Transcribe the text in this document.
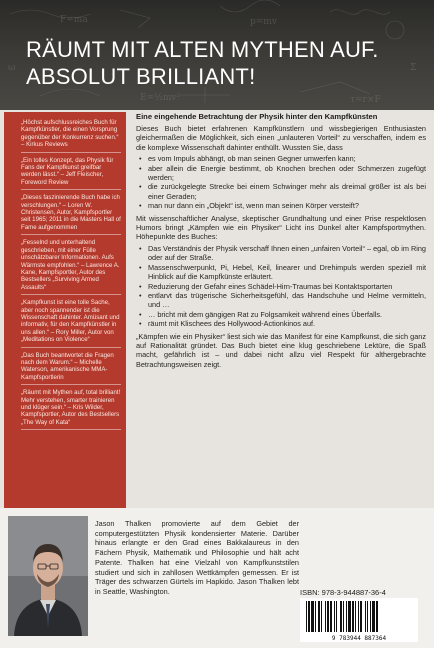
F=ma	p=mv
E=½mv²	τ=r×F
ω	Σ
RÄUMT MIT ALTEN MYTHEN AUF.
ABSOLUT BRILLIANT!
„Höchst aufschlussreiches Buch für Kampfkünstler, die einen Vorsprung gegenüber der Konkurrenz suchen.“ – Kirkus Reviews
„Ein tolles Konzept, das Physik für Fans der Kampfkunst greifbar werden lässt.“ – Jeff Fleischer, Foreword Review
„Dieses faszinierende Buch habe ich verschlungen.“ – Loren W. Christensen, Autor, Kampfsportler seit 1965; 2011 in die Masters Hall of Fame aufgenommen
„Fesselnd und unterhaltend geschrieben, mit einer Fülle unschätzbarer Informationen. Aufs Wärmste empfohlen.“ – Lawrence A. Kane, Kampfsportler, Autor des Bestsellers „Surviving Armed Assaults“
„Kampfkunst ist eine tolle Sache, aber noch spannender ist die Wissenschaft dahinter. Amüsant und informativ, für den Kampfkünstler in uns allen.“ – Rory Miller, Autor von „Meditations on Violence“
„Das Buch beantwortet die Fragen nach dem Warum.“ – Michelle Waterson, amerikanische MMA-Kampfsportlerin
„Räumt mit Mythen auf, total brilliant! Mehr verstehen, smarter trainieren und klüger sein.“ – Kris Wilder, Kampfsportler, Autor des Bestsellers „The Way of Kata“

Eine eingehende Betrachtung der Physik hinter den Kampfkünsten

Dieses Buch bietet erfahrenen Kampfkünstlern und wissbegierigen Enthusiasten gleichermaßen die Möglichkeit, sich einen „unlauteren Vorteil“ zu verschaffen, indem es die komplexe Wissenschaft dahinter enthüllt. Wussten Sie, dass

• es vom Impuls abhängt, ob man seinen Gegner umwerfen kann;
• aber allein die Energie bestimmt, ob Knochen brechen oder Schmerzen zugefügt werden;
• die zurückgelegte Strecke bei einem Schwinger mehr als dreimal größer ist als bei einer Geraden;
• man nur dann ein „Objekt“ ist, wenn man seinen Körper versteift?

Mit wissenschaftlicher Analyse, skeptischer Grundhaltung und einer Prise respektlosen Humors bringt „Kämpfen wie ein Physiker“ Licht ins Dunkel alter Kampfsportmythen. Höhepunkte des Buches:

• Das Verständnis der Physik verschaff Ihnen einen „unfairen Vorteil“ – egal, ob im Ring oder auf der Straße.
• Massenschwerpunkt, Pi, Hebel, Keil, linearer und Drehimpuls werden speziell mit Hinblick auf die Kampfkünste erläutert.
• Reduzierung der Gefahr eines Schädel-Hirn-Traumas bei Kontaktsportarten
• entlarvt das trügerische Sicherheitsgefühl, das Handschuhe und Helme vermitteln, und …
• … bricht mit dem gängigen Rat zu Folgsamkeit während eines Überfalls.
• räumt mit Klischees des Hollywood-Actionkinos auf.

„Kämpfen wie ein Physiker“ liest sich wie das Manifest für eine Kampfkunst, die sich ganz auf Rationalität gründet. Das Buch bietet eine klug geschriebene Lektüre, die Spaß macht, gefährlich ist – und dabei nicht allzu viel Respekt für althergebrachte Betrachtungsweisen zeigt.

Jason Thalken promovierte auf dem Gebiet der computergestützten Physik kondensierter Materie. Darüber hinaus erlangte er den Grad eines Bakkalaureus in den Fächern Physik, Mathematik und Philosophie und hält acht Patente. Thalken hat eine Vielzahl von Kampfkunststilen studiert und sich in zahllosen Wettkämpfen gemessen. Er ist Träger des schwarzen Gürtels im Hapkido. Jason Thalken lebt in Seattle, Washington.	ISBN: 978-3-944887-36-4
9 783944 887364
